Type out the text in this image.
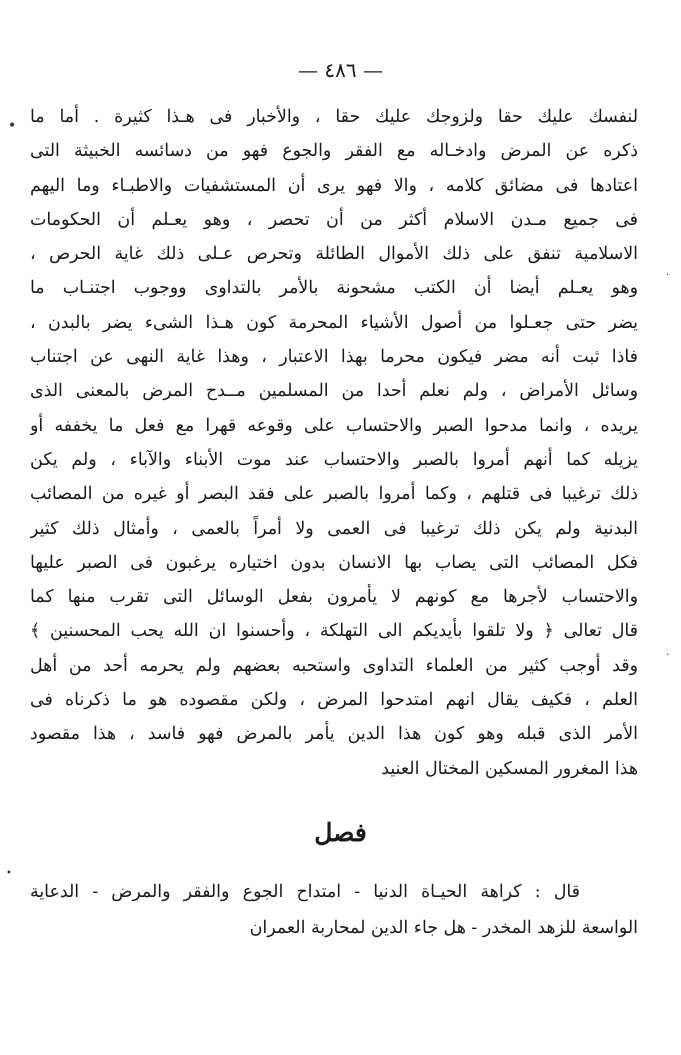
— ٤٨٦ —
لنفسك عليك حقا ولزوجك عليك حقا ، والأخبار فى هـذا كثيرة . أما ما
ذكره عن المرض وادخـاله مع الفقر والجوع فهو من دسائسه الخبيثة التى
اعتادها فى مضائق كلامه ، والا فهو يرى أن المستشفيات والاطبـاء وما اليهم
فى جميع مـدن الاسلام أكثر من أن تحصر ، وهو يعـلم أن الحكومات
الاسلامية تنفق على ذلك الأموال الطائلة وتحرص عـلى ذلك غاية الحرص ،
وهو يعـلم أيضا أن الكتب مشحونة بالأمر بالتداوى ووجوب اجتنـاب ما
يضر حتى جعـلوا من أصول الأشياء المحرمة كون هـذا الشىء يضر بالبدن ،
فاذا ثبت أنه مضر فيكون محرما بهذا الاعتبار ، وهذا غاية النهى عن اجتناب
وسائل الأمراض ، ولم نعلم أحدا من المسلمين مــدح المرض بالمعنى الذى
يريده ، وانما مدحوا الصبر والاحتساب على وقوعه قهرا مع فعل ما يخففه أو
يزيله كما أنهم أمروا بالصبر والاحتساب عند موت الأبناء والآباء ، ولم يكن
ذلك ترغيبا فى قتلهم ، وكما أمروا بالصبر على فقد البصر أو غيره من المصائب
البدنية ولم يكن ذلك ترغيبا فى العمى ولا أمراً بالعمى ، وأمثال ذلك كثير
فكل المصائب التى يصاب بها الانسان بدون اختياره يرغبون فى الصبر عليها
والاحتساب لأجرها مع كونهم لا يأمرون بفعل الوسائل التى تقرب منها كما
قال تعالى ﴿ ولا تلقوا بأيديكم الى التهلكة ، وأحسنوا ان الله يحب المحسنين ﴾
وقد أوجب كثير من العلماء التداوى واستحبه بعضهم ولم يحرمه أحد من أهل
العلم ، فكيف يقال انهم امتدحوا المرض ، ولكن مقصوده هو ما ذكرناه فى
الأمر الذى قبله وهو كون هذا الدين يأمر بالمرض فهو فاسد ، هذا مقصود
هذا المغرور المسكين المختال العنيد
فصل
قال : كراهة الحيـاة الدنيا - امتداح الجوع والفقر والمرض - الدعاية
الواسعة للزهد المخدر - هل جاء الدين لمحاربة العمران
•
•
·
·
